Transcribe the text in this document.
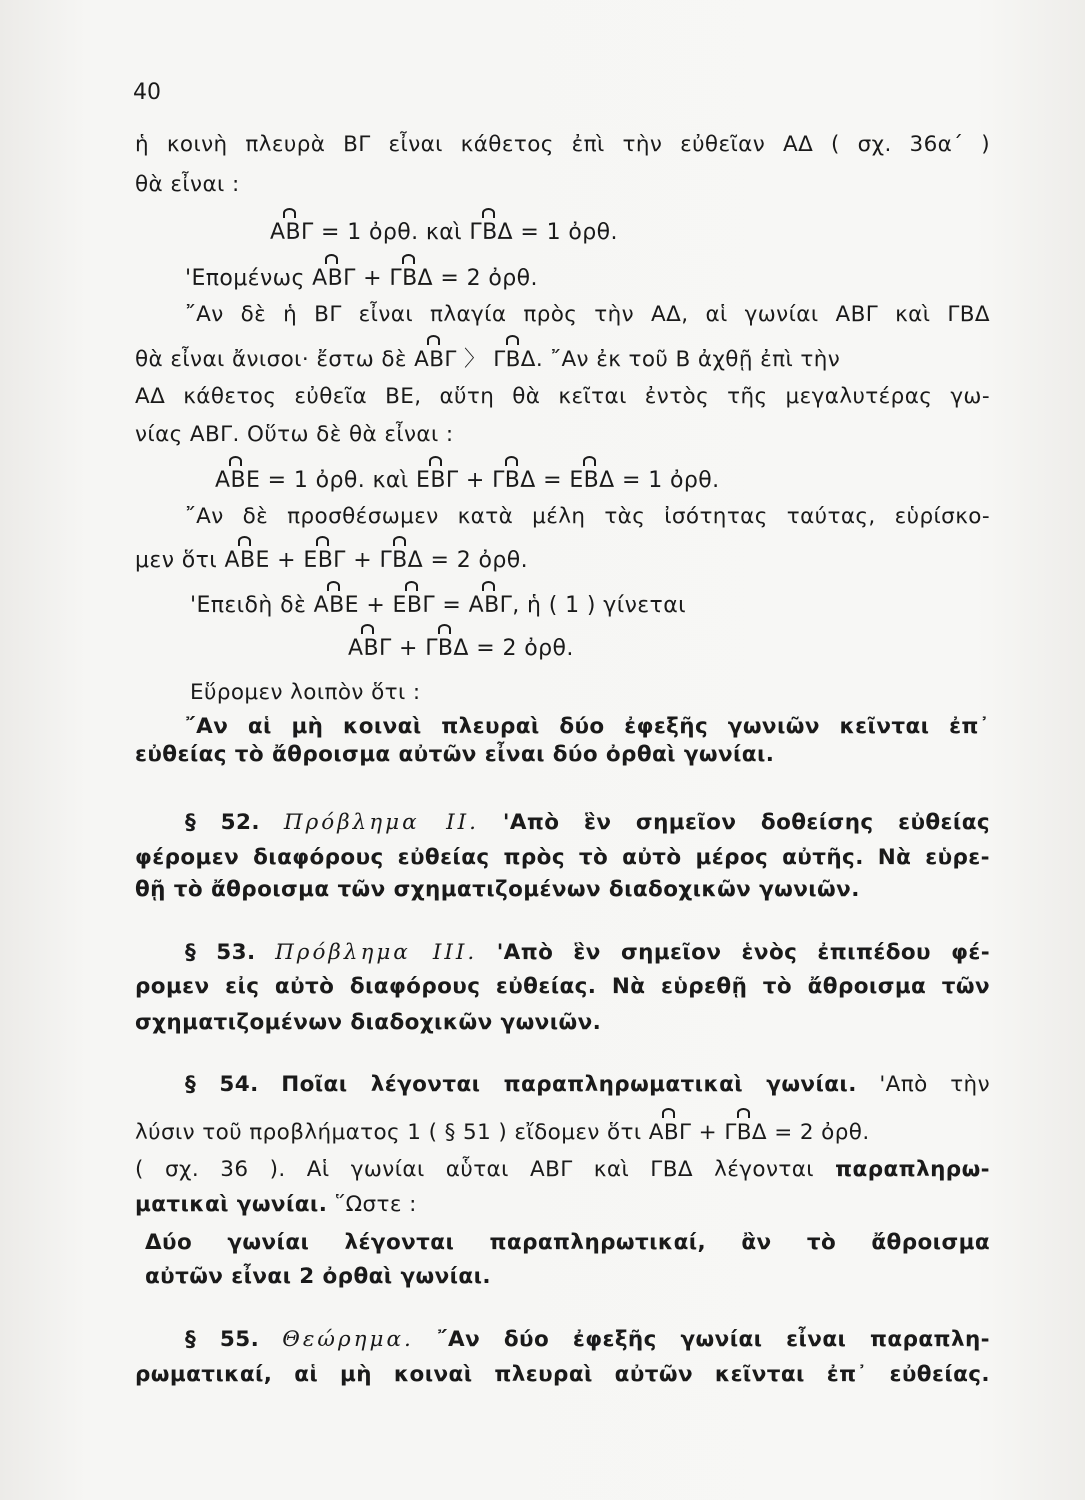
40
ἡ κοινὴ πλευρὰ ΒΓ εἶναι κάθετος ἐπὶ τὴν εὐθεῖαν ΑΔ ( σχ. 36α΄ )
θὰ εἶναι :
ΑΒΓ = 1 ὀρθ. καὶ ΓΒΔ = 1 ὀρθ.
'Επομένως ΑΒΓ + ΓΒΔ = 2 ὀρθ.
῎Αν δὲ ἡ ΒΓ εἶναι πλαγία πρὸς τὴν ΑΔ, αἱ γωνίαι ΑΒΓ καὶ ΓΒΔ
θὰ εἶναι ἄνισοι· ἔστω δὲ ΑΒΓ 〉 ΓΒΔ. ῎Αν ἐκ τοῦ Β ἀχθῇ ἐπὶ τὴν
ΑΔ κάθετος εὐθεῖα ΒΕ, αὕτη θὰ κεῖται ἐντὸς τῆς μεγαλυτέρας γω-
νίας ΑΒΓ. Οὕτω δὲ θὰ εἶναι :
ΑΒΕ = 1 ὀρθ. καὶ ΕΒΓ + ΓΒΔ = ΕΒΔ = 1 ὀρθ.
῎Αν δὲ προσθέσωμεν κατὰ μέλη τὰς ἰσότητας ταύτας, εὑρίσκο-
μεν ὅτι ΑΒΕ + ΕΒΓ + ΓΒΔ = 2 ὀρθ.
'Επειδὴ δὲ ΑΒΕ + ΕΒΓ = ΑΒΓ, ἡ ( 1 ) γίνεται
ΑΒΓ + ΓΒΔ = 2 ὀρθ.
Εὕρομεν λοιπὸν ὅτι :
῎Αν αἱ μὴ κοιναὶ πλευραὶ δύο ἐφεξῆς γωνιῶν κεῖνται ἐπ᾽
εὐθείας τὸ ἄθροισμα αὐτῶν εἶναι δύο ὀρθαὶ γωνίαι.
§ 52. Πρόβλημα II. 'Απὸ ἓν σημεῖον δοθείσης εὐθείας
φέρομεν διαφόρους εὐθείας πρὸς τὸ αὐτὸ μέρος αὐτῆς. Νὰ εὑρε-
θῇ τὸ ἄθροισμα τῶν σχηματιζομένων διαδοχικῶν γωνιῶν.
§ 53. Πρόβλημα III. 'Απὸ ἓν σημεῖον ἑνὸς ἐπιπέδου φέ-
ρομεν εἰς αὐτὸ διαφόρους εὐθείας. Νὰ εὑρεθῇ τὸ ἄθροισμα τῶν
σχηματιζομένων διαδοχικῶν γωνιῶν.
§ 54. Ποῖαι λέγονται παραπληρωματικαὶ γωνίαι. 'Απὸ τὴν
λύσιν τοῦ προβλήματος 1 ( § 51 ) εἴδομεν ὅτι ΑΒΓ + ΓΒΔ = 2 ὀρθ.
( σχ. 36 ). Αἱ γωνίαι αὗται ΑΒΓ καὶ ΓΒΔ λέγονται παραπληρω-
ματικαὶ γωνίαι. ῞Ωστε :
Δύο γωνίαι λέγονται παραπληρωτικαί, ἂν τὸ ἄθροισμα
αὐτῶν εἶναι 2 ὀρθαὶ γωνίαι.
§ 55. Θεώρημα. ῎Αν δύο ἐφεξῆς γωνίαι εἶναι παραπλη-
ρωματικαί, αἱ μὴ κοιναὶ πλευραὶ αὐτῶν κεῖνται ἐπ᾽ εὐθείας.
